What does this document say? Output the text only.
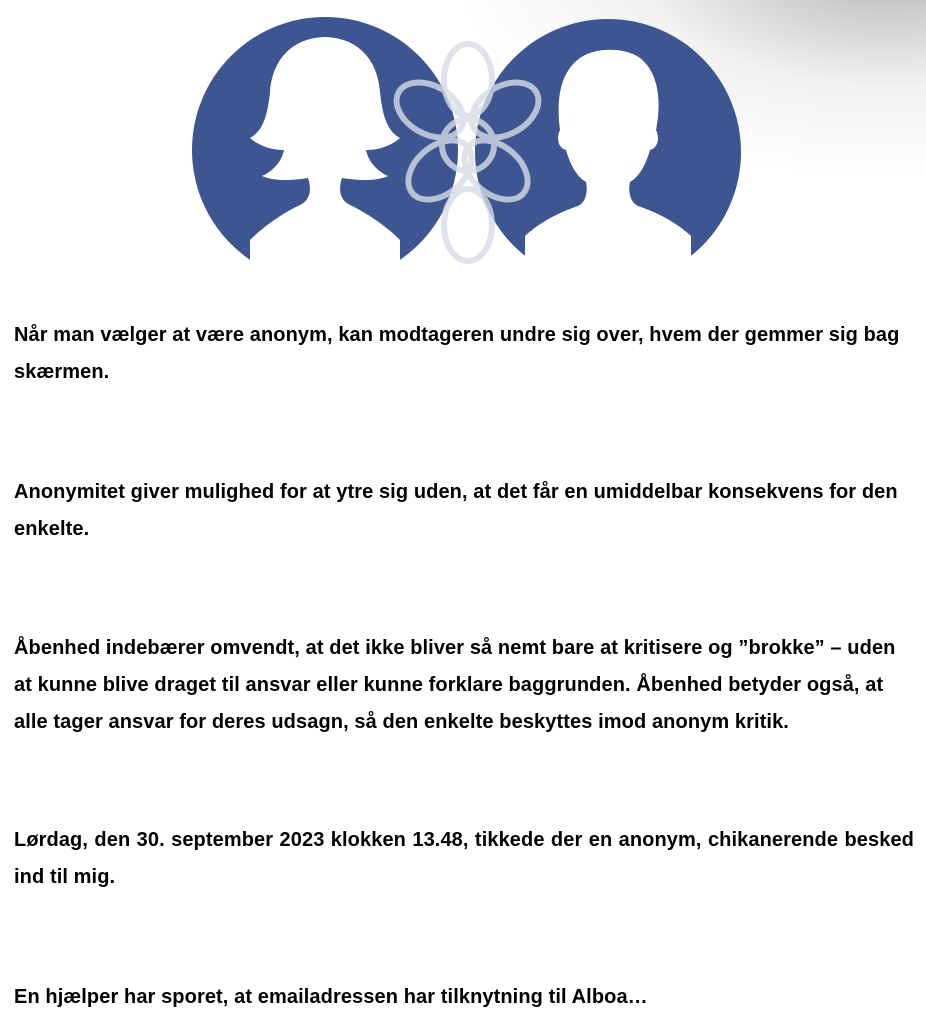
Når man vælger at være anonym, kan modtageren undre sig over, hvem der gemmer sig bag skærmen.

Anonymitet giver mulighed for at ytre sig uden, at det får en umiddelbar konsekvens for den enkelte.

Åbenhed indebærer omvendt, at det ikke bliver så nemt bare at kritisere og ”brokke” – uden at kunne blive draget til ansvar eller kunne forklare baggrunden. Åbenhed betyder også, at alle tager ansvar for deres udsagn, så den enkelte beskyttes imod anonym kritik.

Lørdag, den 30. september 2023 klokken 13.48, tikkede der en anonym, chikanerende besked ind til mig.

En hjælper har sporet, at emailadressen har tilknytning til Alboa…
